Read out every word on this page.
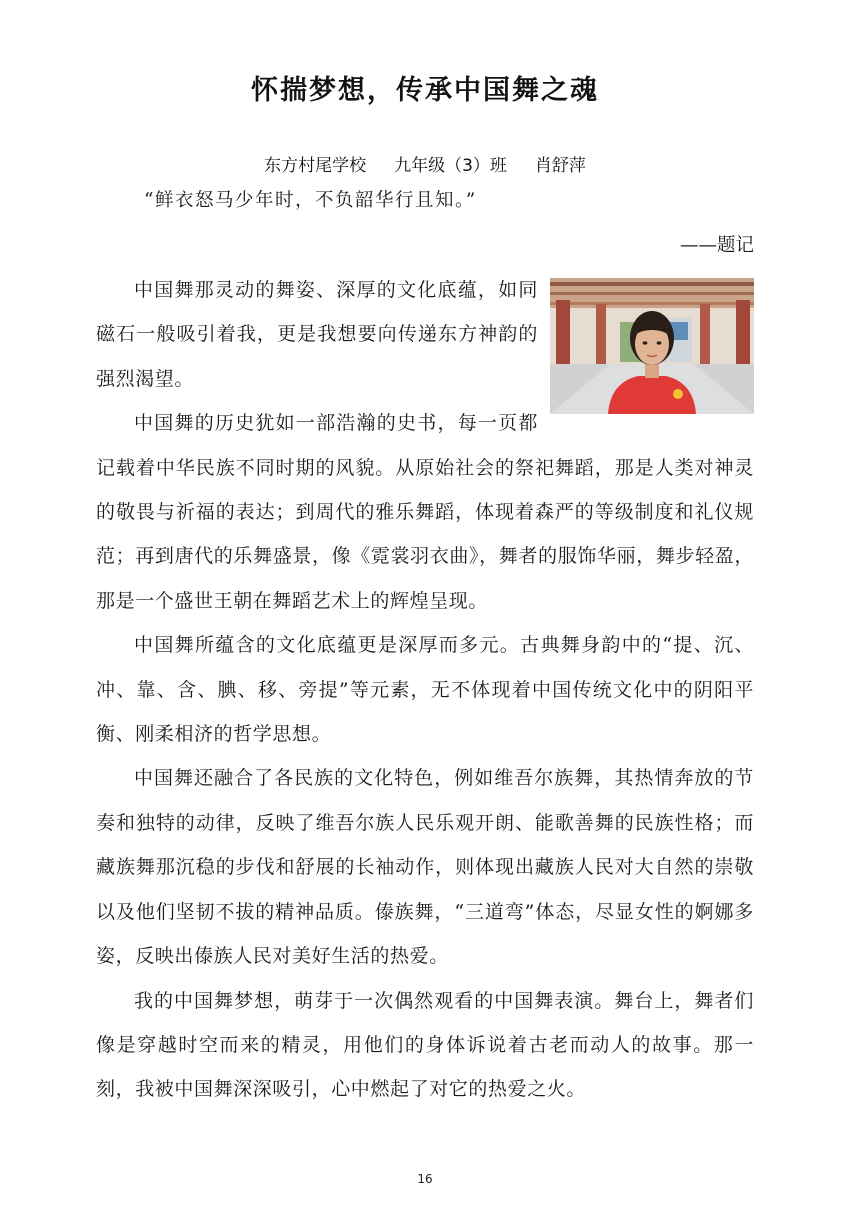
怀揣梦想，传承中国舞之魂
东方村尾学校 九年级（3）班 肖舒萍
“鲜衣怒马少年时，不负韶华行且知。”
——题记

中国舞那灵动的舞姿、深厚的文化底蕴，如同磁石一般吸引着我，更是我想要向传递东方神韵的强烈渴望。

中国舞的历史犹如一部浩瀚的史书，每一页都记载着中华民族不同时期的风貌。从原始社会的祭祀舞蹈，那是人类对神灵的敬畏与祈福的表达；到周代的雅乐舞蹈，体现着森严的等级制度和礼仪规范；再到唐代的乐舞盛景，像《霓裳羽衣曲》，舞者的服饰华丽，舞步轻盈，那是一个盛世王朝在舞蹈艺术上的辉煌呈现。

中国舞所蕴含的文化底蕴更是深厚而多元。古典舞身韵中的“提、沉、冲、靠、含、腆、移、旁提”等元素，无不体现着中国传统文化中的阴阳平衡、刚柔相济的哲学思想。

中国舞还融合了各民族的文化特色，例如维吾尔族舞，其热情奔放的节奏和独特的动律，反映了维吾尔族人民乐观开朗、能歌善舞的民族性格；而藏族舞那沉稳的步伐和舒展的长袖动作，则体现出藏族人民对大自然的崇敬以及他们坚韧不拔的精神品质。傣族舞，“三道弯”体态，尽显女性的婀娜多姿，反映出傣族人民对美好生活的热爱。

我的中国舞梦想，萌芽于一次偶然观看的中国舞表演。舞台上，舞者们像是穿越时空而来的精灵，用他们的身体诉说着古老而动人的故事。那一刻，我被中国舞深深吸引，心中燃起了对它的热爱之火。

16
